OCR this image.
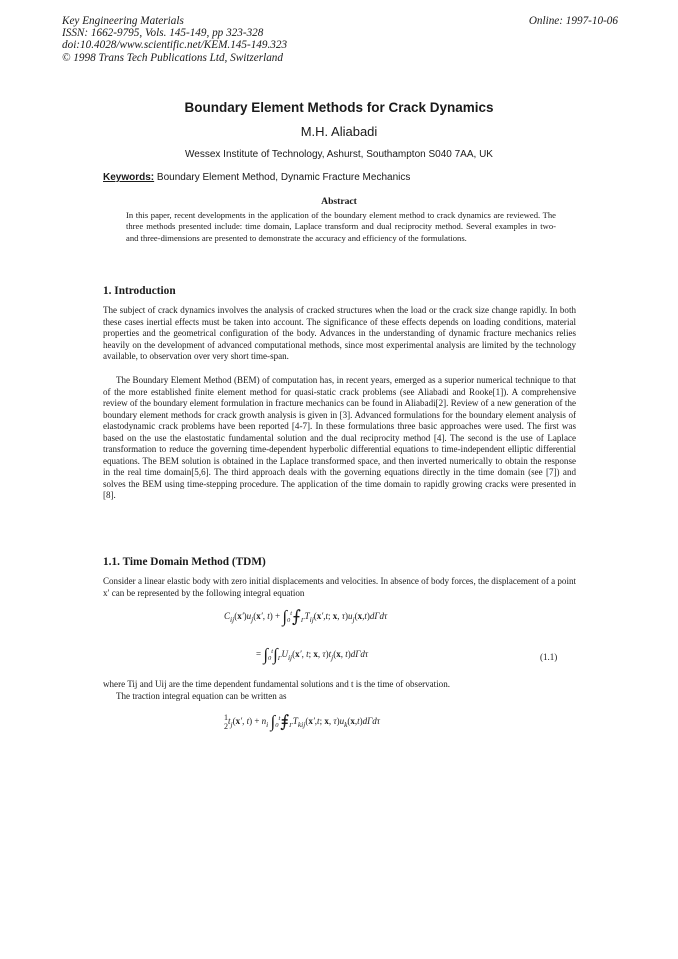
Key Engineering Materials
ISSN: 1662-9795, Vols. 145-149, pp 323-328
doi:10.4028/www.scientific.net/KEM.145-149.323
© 1998 Trans Tech Publications Ltd, Switzerland
Online: 1997-10-06
Boundary Element Methods for Crack Dynamics
M.H. Aliabadi
Wessex Institute of Technology, Ashurst, Southampton S040 7AA, UK
Keywords: Boundary Element Method, Dynamic Fracture Mechanics
Abstract
In this paper, recent developments in the application of the boundary element method to crack dynamics are reviewed. The three methods presented include: time domain, Laplace transform and dual reciprocity method. Several examples in two- and three-dimensions are presented to demonstrate the accuracy and efficiency of the formulations.
1. Introduction
The subject of crack dynamics involves the analysis of cracked structures when the load or the crack size change rapidly. In both these cases inertial effects must be taken into account. The significance of these effects depends on loading conditions, material properties and the geometrical configuration of the body. Advances in the understanding of dynamic fracture mechanics relies heavily on the development of advanced computational methods, since most experimental analysis are limited by the technology available, to observation over very short time-span.
The Boundary Element Method (BEM) of computation has, in recent years, emerged as a superior numerical technique to that of the more established finite element method for quasi-static crack problems (see Aliabadi and Rooke[1]). A comprehensive review of the boundary element formulation in fracture mechanics can be found in Aliabadi[2]. Review of a new generation of the boundary element methods for crack growth analysis is given in [3]. Advanced formulations for the boundary element analysis of elastodynamic crack problems have been reported [4-7]. In these formulations three basic approaches were used. The first was based on the use the elastostatic fundamental solution and the dual reciprocity method [4]. The second is the use of Laplace transformation to reduce the governing time-dependent hyperbolic differential equations to time-independent elliptic differential equations. The BEM solution is obtained in the Laplace transformed space, and then inverted numerically to obtain the response in the real time domain[5,6]. The third approach deals with the governing equations directly in the time domain (see [7]) and solves the BEM using time-stepping procedure. The application of the time domain to rapidly growing cracks were presented in [8].
1.1. Time Domain Method (TDM)
Consider a linear elastic body with zero initial displacements and velocities. In absence of body forces, the displacement of a point x′ can be represented by the following integral equation
$C_{ij}(x')u_j(x'$, $t) + \int_0^t⨍_\Gamma T_{ij}(x',t$; x, $\tau)u_j(x,t)d\Gamma d\tau$
= $\int_0^t\int_\Gamma U_{ij}(x'$, t; x, $\tau)t_j(x$, t)dΓdτ	(1.1)
where Tij and Uij are the time dependent fundamental solutions and t is the time of observation.
The traction integral equation can be written as
1
$2t_j(x'$, $t) + n_i$ $\int_0^t⨎_\Gamma T_{kij}(x',t$; x, $\tau)u_k(x,t)d\Gamma d\tau$
